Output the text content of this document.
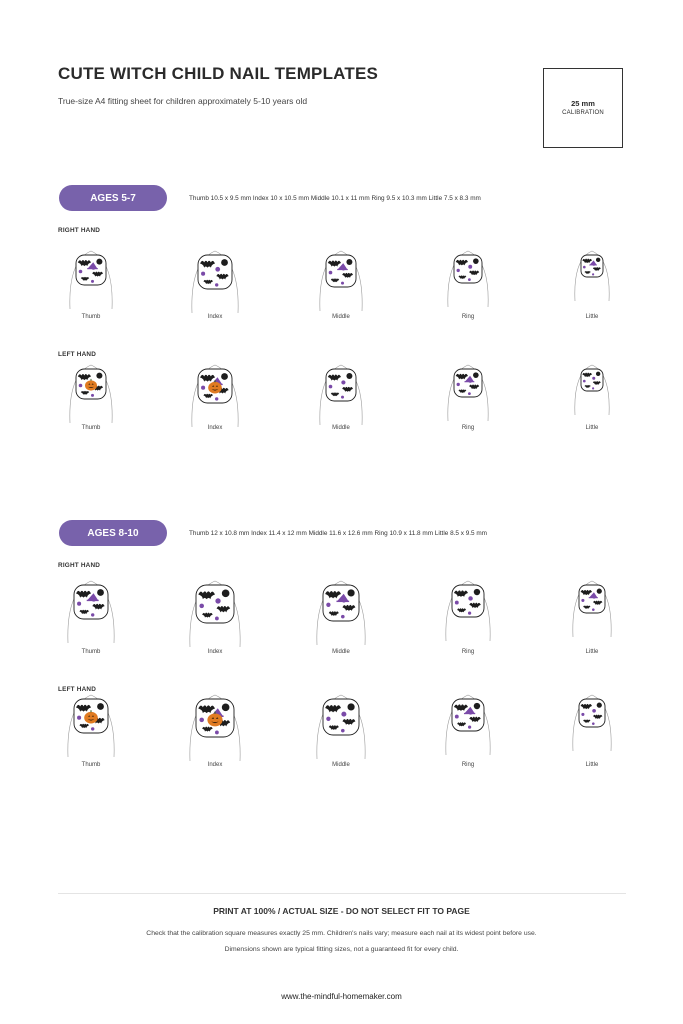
CUTE WITCH CHILD NAIL TEMPLATES
True-size A4 fitting sheet for children approximately 5-10 years old	25 mm
CALIBRATION
AGES 5-7	Thumb 10.5 x 9.5 mm Index 10 x 10.5 mm Middle 10.1 x 11 mm Ring 9.5 x 10.3 mm Little 7.5 x 8.3 mm
RIGHT HAND
LEFT HAND
AGES 8-10	Thumb 12 x 10.8 mm Index 11.4 x 12 mm Middle 11.6 x 12.6 mm Ring 10.9 x 11.8 mm Little 8.5 x 9.5 mm
RIGHT HAND
LEFT HAND
Thumb	Index	Middle	Ring	Little
Thumb	Index	Middle	Ring	Little
Thumb	Index	Middle	Ring	Little
Thumb	Index	Middle	Ring	Little
PRINT AT 100% / ACTUAL SIZE - DO NOT SELECT FIT TO PAGE
Check that the calibration square measures exactly 25 mm. Children's nails vary; measure each nail at its widest point before use.
Dimensions shown are typical fitting sizes, not a guaranteed fit for every child.
www.the-mindful-homemaker.com
